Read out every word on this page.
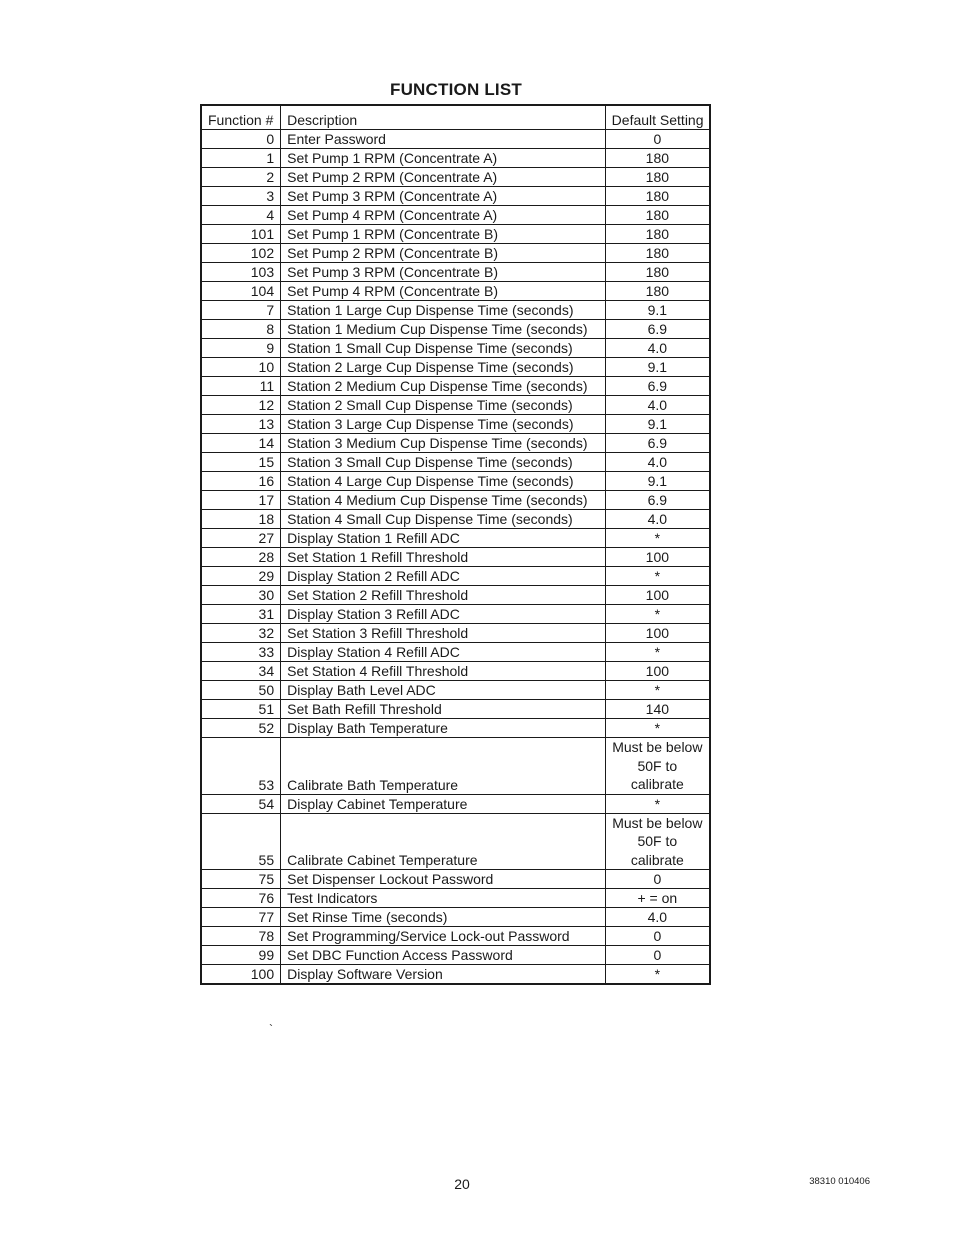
FUNCTION LIST
Function #	Description	Default Setting
0	Enter Password	0
1	Set Pump 1 RPM (Concentrate A)	180
2	Set Pump 2 RPM (Concentrate A)	180
3	Set Pump 3 RPM (Concentrate A)	180
4	Set Pump 4 RPM (Concentrate A)	180
101	Set Pump 1 RPM (Concentrate B)	180
102	Set Pump 2 RPM (Concentrate B)	180
103	Set Pump 3 RPM (Concentrate B)	180
104	Set Pump 4 RPM (Concentrate B)	180
7	Station 1 Large Cup Dispense Time (seconds)	9.1
8	Station 1 Medium Cup Dispense Time (seconds)	6.9
9	Station 1 Small Cup Dispense Time (seconds)	4.0
10	Station 2 Large Cup Dispense Time (seconds)	9.1
11	Station 2 Medium Cup Dispense Time (seconds)	6.9
12	Station 2 Small Cup Dispense Time (seconds)	4.0
13	Station 3 Large Cup Dispense Time (seconds)	9.1
14	Station 3 Medium Cup Dispense Time (seconds)	6.9
15	Station 3 Small Cup Dispense Time (seconds)	4.0
16	Station 4 Large Cup Dispense Time (seconds)	9.1
17	Station 4 Medium Cup Dispense Time (seconds)	6.9
18	Station 4 Small Cup Dispense Time (seconds)	4.0
27	Display Station 1 Refill ADC	*
28	Set Station 1 Refill Threshold	100
29	Display Station 2 Refill ADC	*
30	Set Station 2 Refill Threshold	100
31	Display Station 3 Refill ADC	*
32	Set Station 3 Refill Threshold	100
33	Display Station 4 Refill ADC	*
34	Set Station 4 Refill Threshold	100
50	Display Bath Level ADC	*
51	Set Bath Refill Threshold	140
52	Display Bath Temperature	*
53	Calibrate Bath Temperature	Must be below 50F to calibrate
54	Display Cabinet Temperature	*
55	Calibrate Cabinet Temperature	Must be below 50F to calibrate
75	Set Dispenser Lockout Password	0
76	Test Indicators	+ = on
77	Set Rinse Time (seconds)	4.0
78	Set Programming/Service Lock-out Password	0
99	Set DBC Function Access Password	0
100	Display Software Version	*
`
20	38310 010406
